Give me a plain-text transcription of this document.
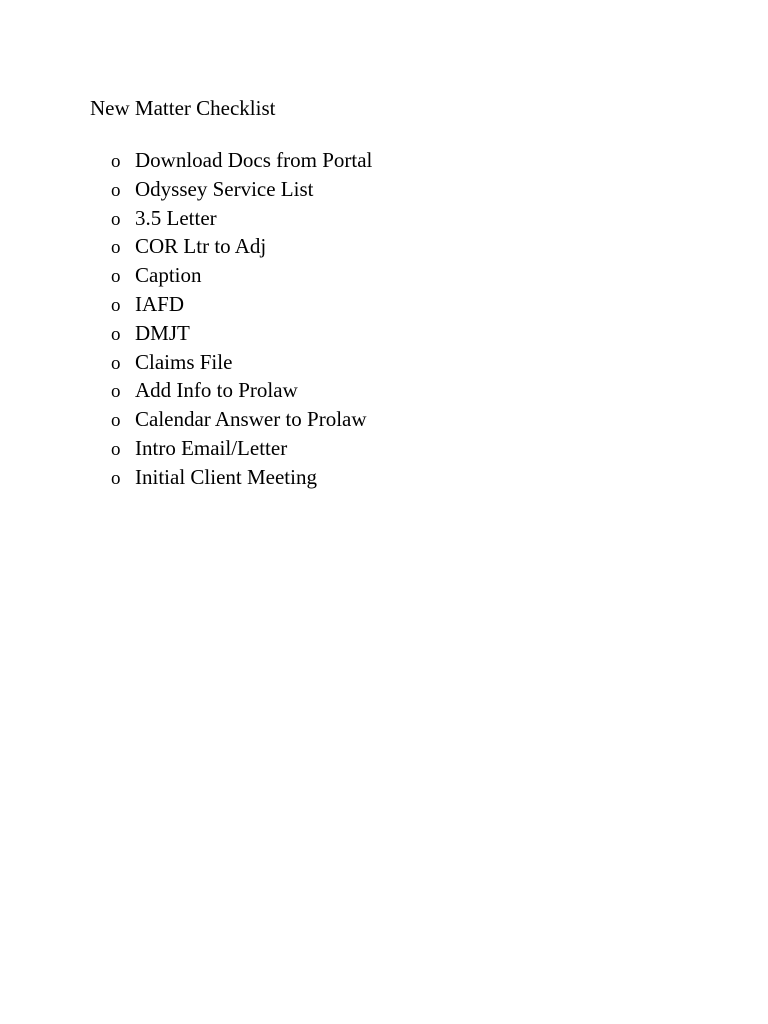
New Matter Checklist
o Download Docs from Portal
o Odyssey Service List
o 3.5 Letter
o COR Ltr to Adj
o Caption
o IAFD
o DMJT
o Claims File
o Add Info to Prolaw
o Calendar Answer to Prolaw
o Intro Email/Letter
o Initial Client Meeting
